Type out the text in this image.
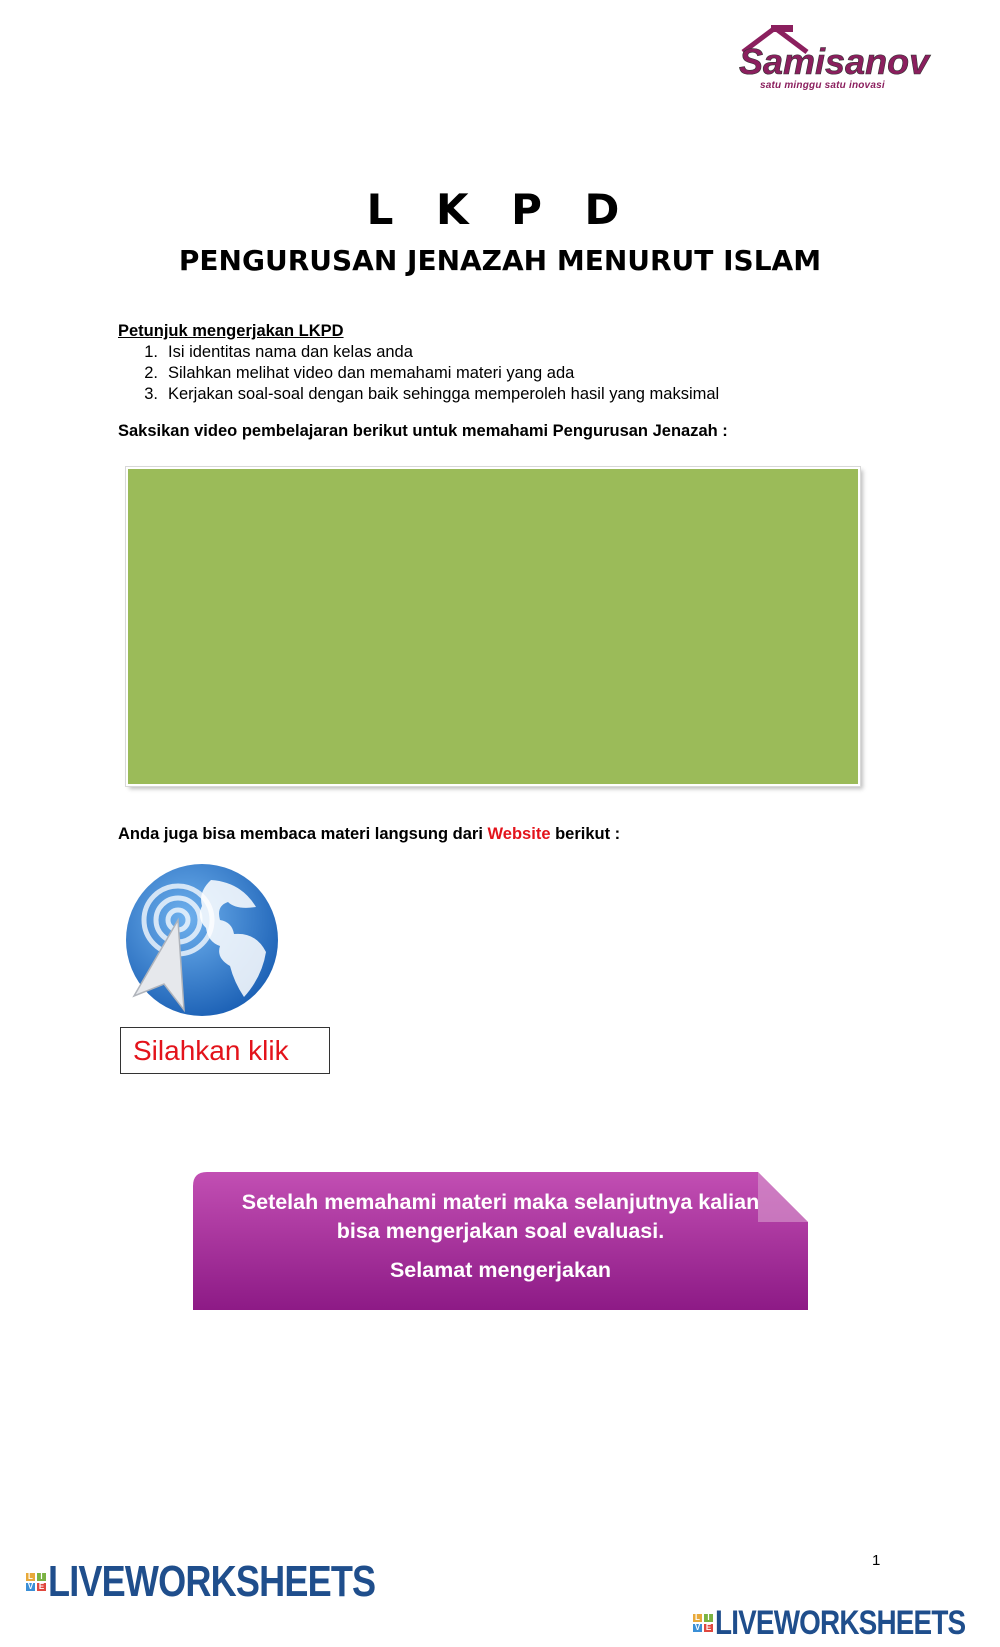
Samisanov
satu minggu satu inovasi
L K P D
PENGURUSAN JENAZAH MENURUT ISLAM
Petunjuk mengerjakan LKPD
1. Isi identitas nama dan kelas anda
2. Silahkan melihat video dan memahami materi yang ada
3. Kerjakan soal-soal dengan baik sehingga memperoleh hasil yang maksimal
Saksikan video pembelajaran berikut untuk memahami Pengurusan Jenazah :
Anda juga bisa membaca materi langsung dari Website berikut :
Silahkan klik
Setelah memahami materi maka selanjutnya kalian
bisa mengerjakan soal evaluasi.
Selamat mengerjakan
1
L I
V E LIVEWORKSHEETS
L I
V E LIVEWORKSHEETS
